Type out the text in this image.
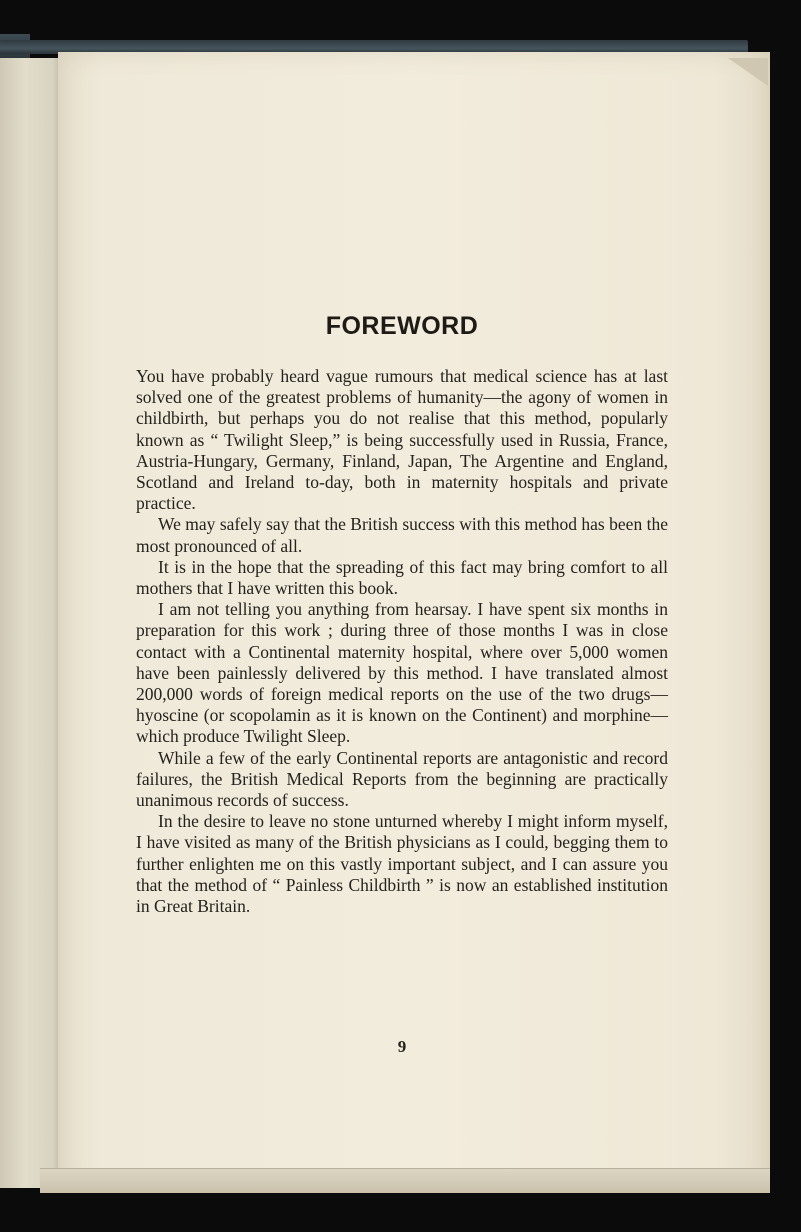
FOREWORD

You have probably heard vague rumours that medical science has at last solved one of the greatest problems of humanity—the agony of women in childbirth, but perhaps you do not realise that this method, popularly known as “ Twilight Sleep,” is being successfully used in Russia, France, Austria-Hungary, Germany, Finland, Japan, The Argentine and England, Scotland and Ireland to-day, both in maternity hospitals and private practice.

We may safely say that the British success with this method has been the most pronounced of all.

It is in the hope that the spreading of this fact may bring comfort to all mothers that I have written this book.

I am not telling you anything from hearsay. I have spent six months in preparation for this work ; during three of those months I was in close contact with a Continental maternity hospital, where over 5,000 women have been painlessly delivered by this method. I have translated almost 200,000 words of foreign medical reports on the use of the two drugs—hyoscine (or scopolamin as it is known on the Continent) and morphine—which produce Twilight Sleep.

While a few of the early Continental reports are antagonistic and record failures, the British Medical Reports from the beginning are practically unanimous records of success.

In the desire to leave no stone unturned whereby I might inform myself, I have visited as many of the British physicians as I could, begging them to further enlighten me on this vastly important subject, and I can assure you that the method of “ Painless Childbirth ” is now an established institution in Great Britain.

9
